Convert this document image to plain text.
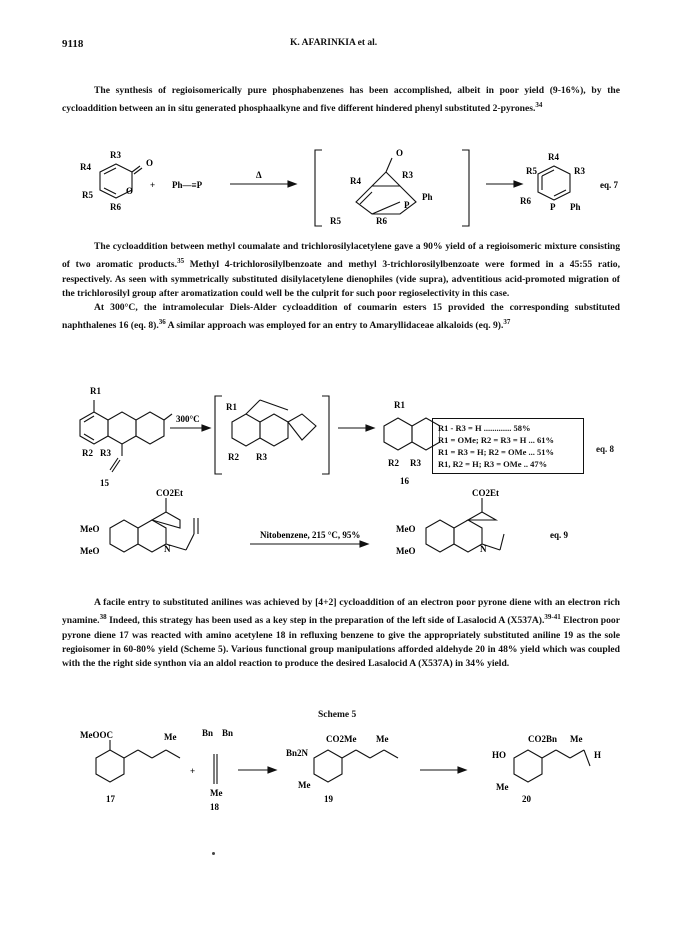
9118	K. AFARINKIA et al.

The synthesis of regioisomerically pure phosphabenzenes has been accomplished, albeit in poor yield (9-16%), by the cycloaddition between an in situ generated phosphaalkyne and five different hindered phenyl substituted 2-pyrones.$^{34}$

R4
R3
R5
R6
O
O
+ Ph—≡P
Δ
R4
R3
Ph
O
P
R5	R6
R4
R5	R3
R6
P Ph
eq. 7

The cycloaddition between methyl coumalate and trichlorosilylacetylene gave a 90% yield of a regioisomeric mixture consisting of two aromatic products.$^{35}$ Methyl 4-trichlorosilylbenzoate and methyl 3-trichlorosilylbenzoate were formed in a 45:55 ratio, respectively. As seen with symmetrically substituted disilylacetylene dienophiles (vide supra), adventitious acid-promoted migration of the trichlorosilyl group after aromatization could well be the culprit for such poor regioselectivity in this case.

At 300°C, the intramolecular Diels-Alder cycloaddition of coumarin esters 15 provided the corresponding substituted naphthalenes 16 (eq. 8).$^{36}$ A similar approach was employed for an entry to Amaryllidaceae alkaloids (eq. 9).$^{37}$

R1
R2 R3
15
300°C
R1
R2 R3
R1
R2 R3
16
R1 - R3 = H ............. 58%
R1 = OMe; R2 = R3 = H ... 61%
R1 = R3 = H; R2 = OMe ... 51%
R1, R2 = H; R3 = OMe .. 47%
eq. 8
CO2Et
MeO
MeO	N
Nitobenzene, 215 °C, 95%
CO2Et
MeO
MeO	N
eq. 9

A facile entry to substituted anilines was achieved by [4+2] cycloaddition of an electron poor pyrone diene with an electron rich ynamine.$^{38}$ Indeed, this strategy has been used as a key step in the preparation of the left side of Lasalocid A (X537A).$^{39-41}$ Electron poor pyrone diene 17 was reacted with amino acetylene 18 in refluxing benzene to give the appropriately substituted aniline 19 as the sole regioisomer in 60-80% yield (Scheme 5). Various functional group manipulations afforded aldehyde 20 in 48% yield which was coupled with the the right side synthon via an aldol reaction to produce the desired Lasalocid A (X537A) in 34% yield.

Scheme 5
MeOOC	Me
17
+
Bn Bn
Me
18
Bn2N
CO2Me Me
Me
19
HO
CO2Bn Me
H
Me
20
